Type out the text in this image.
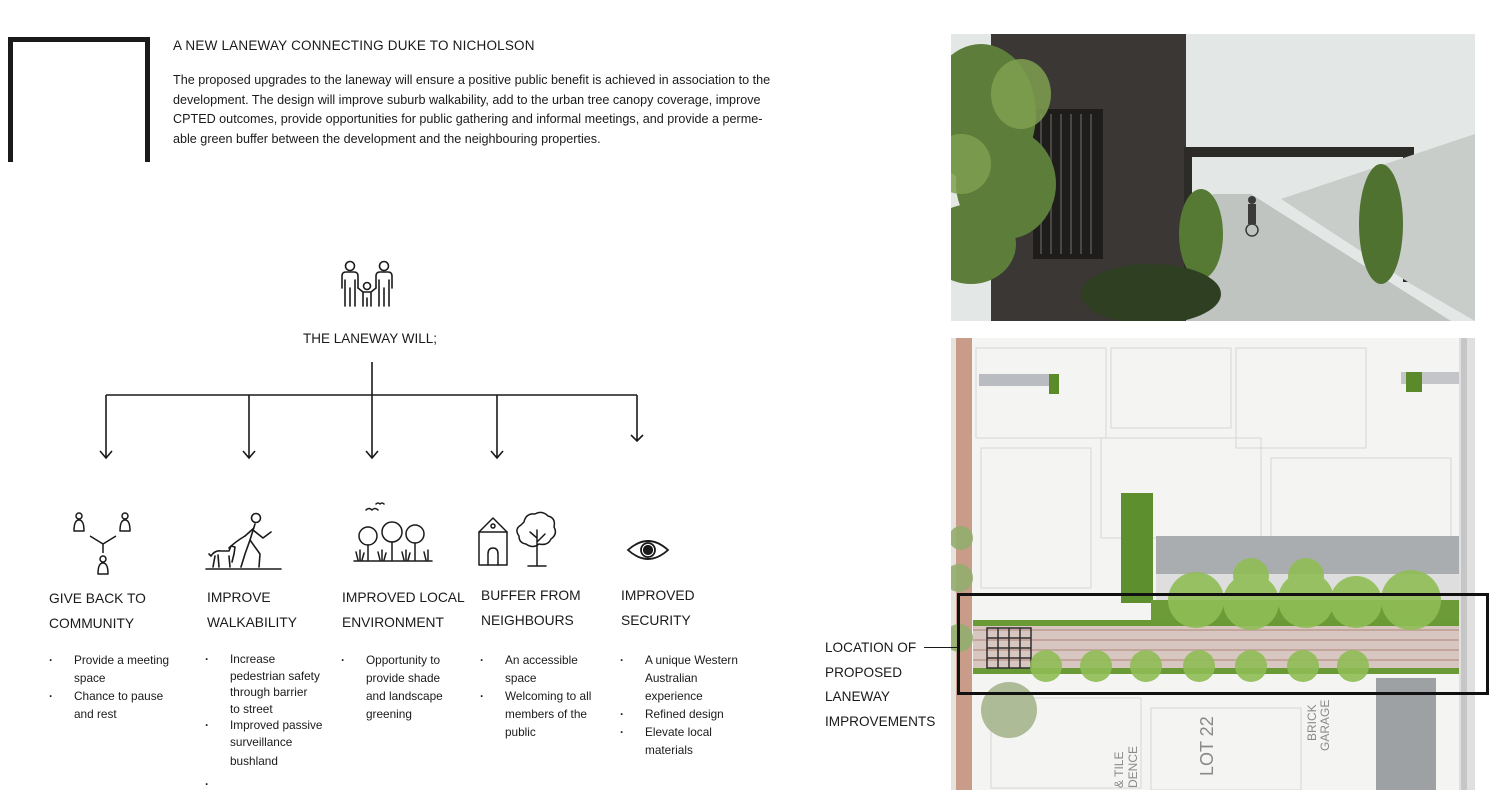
A NEW LANEWAY CONNECTING DUKE TO NICHOLSON
The proposed upgrades to the laneway will ensure a positive public benefit is achieved in association to the
development. The design will improve suburb walkability, add to the urban tree canopy coverage, improve
CPTED outcomes, provide opportunities for public gathering and informal meetings, and provide a perme-
able green buffer between the development and the neighbouring properties.
THE LANEWAY WILL;
GIVE BACK TO
COMMUNITY
· Provide a meeting
space
· Chance to pause
and rest
IMPROVE
WALKABILITY
· Increase
pedestrian safety
through barrier
to street
· Improved passive
surveillance
bushland
IMPROVED LOCAL
ENVIRONMENT
· Opportunity to
provide shade
and landscape
greening
BUFFER FROM
NEIGHBOURS
· An accessible
space
· Welcoming to all
members of the
public
IMPROVED
SECURITY
· A unique Western
Australian
experience
· Refined design
· Elevate local
materials
BRICK GARAGE
LOT 22
& TILE DENCE
LOCATION OF
PROPOSED
LANEWAY
IMPROVEMENTS
